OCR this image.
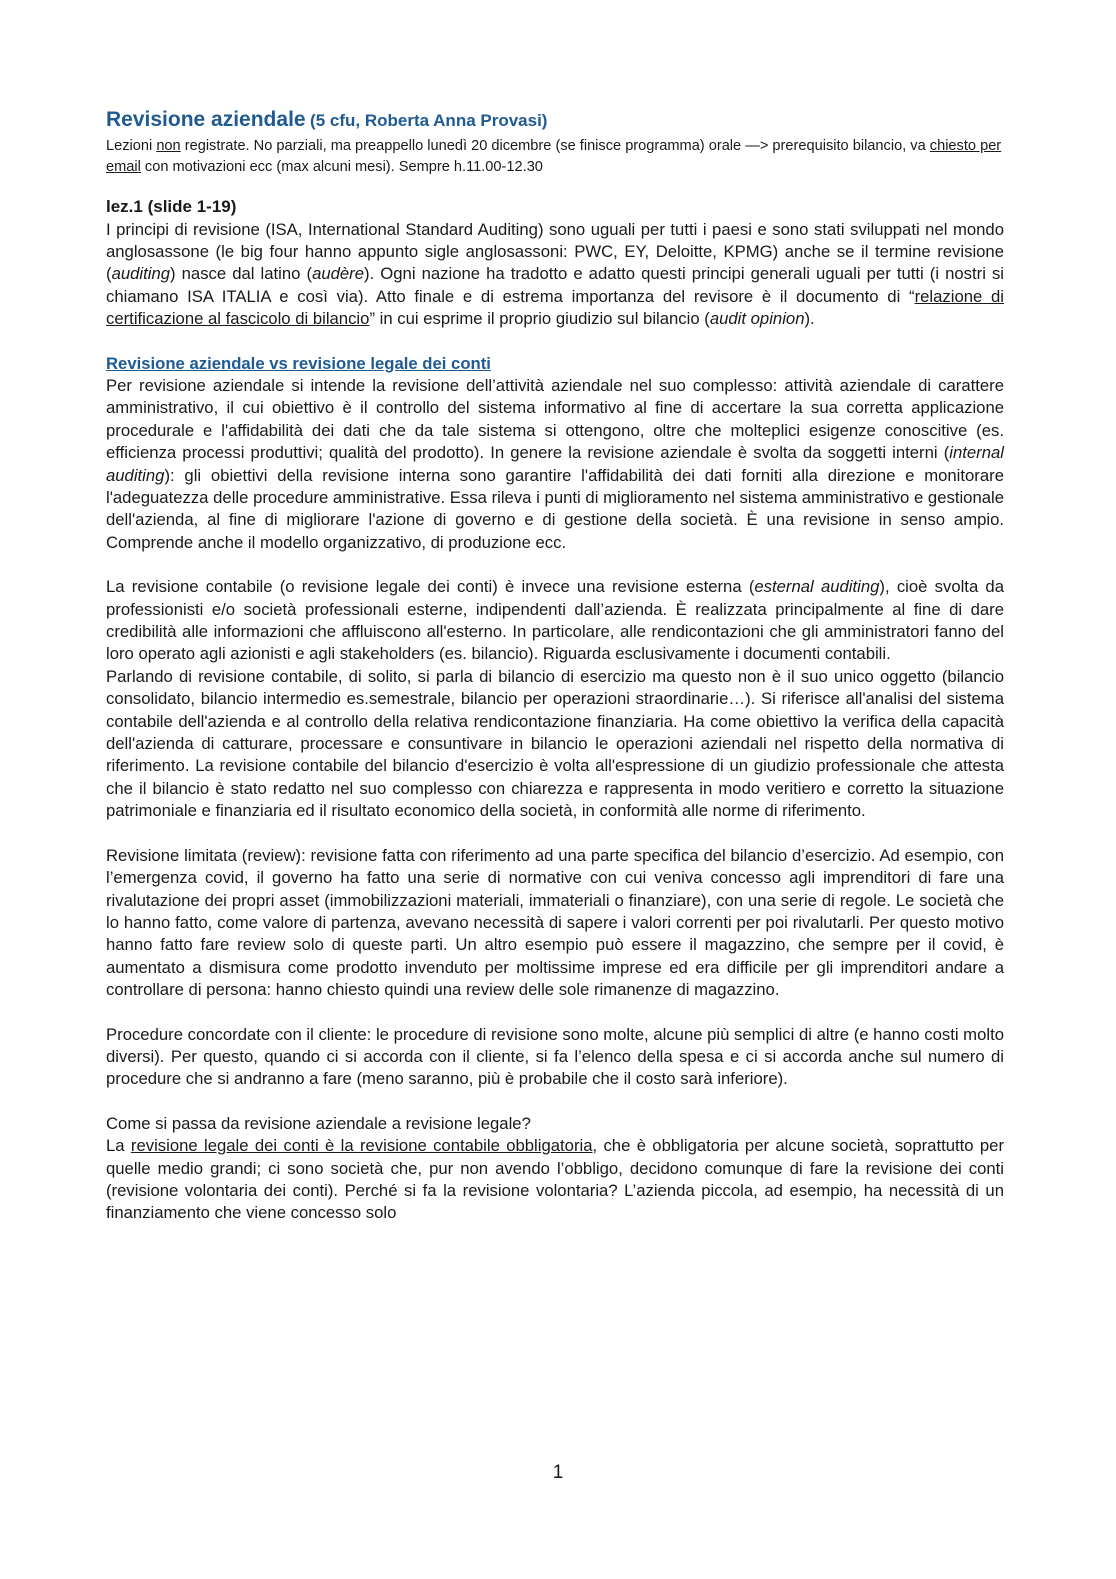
Revisione aziendale (5 cfu, Roberta Anna Provasi)

Lezioni non registrate. No parziali, ma preappello lunedì 20 dicembre (se finisce programma) orale —> prerequisito bilancio, va chiesto per email con motivazioni ecc (max alcuni mesi). Sempre h.11.00-12.30

lez.1 (slide 1-19)

I principi di revisione (ISA, International Standard Auditing) sono uguali per tutti i paesi e sono stati sviluppati nel mondo anglosassone (le big four hanno appunto sigle anglosassoni: PWC, EY, Deloitte, KPMG) anche se il termine revisione (auditing) nasce dal latino (audère). Ogni nazione ha tradotto e adatto questi principi generali uguali per tutti (i nostri si chiamano ISA ITALIA e così via). Atto finale e di estrema importanza del revisore è il documento di “relazione di certificazione al fascicolo di bilancio” in cui esprime il proprio giudizio sul bilancio (audit opinion).

Revisione aziendale vs revisione legale dei conti

Per revisione aziendale si intende la revisione dell’attività aziendale nel suo complesso: attività aziendale di carattere amministrativo, il cui obiettivo è il controllo del sistema informativo al fine di accertare la sua corretta applicazione procedurale e l'affidabilità dei dati che da tale sistema si ottengono, oltre che molteplici esigenze conoscitive (es. efficienza processi produttivi; qualità del prodotto). In genere la revisione aziendale è svolta da soggetti interni (internal auditing): gli obiettivi della revisione interna sono garantire l'affidabilità dei dati forniti alla direzione e monitorare l'adeguatezza delle procedure amministrative. Essa rileva i punti di miglioramento nel sistema amministrativo e gestionale dell'azienda, al fine di migliorare l'azione di governo e di gestione della società. È una revisione in senso ampio. Comprende anche il modello organizzativo, di produzione ecc.

La revisione contabile (o revisione legale dei conti) è invece una revisione esterna (esternal auditing), cioè svolta da professionisti e/o società professionali esterne, indipendenti dall’azienda. È realizzata principalmente al fine di dare credibilità alle informazioni che affluiscono all'esterno. In particolare, alle rendicontazioni che gli amministratori fanno del loro operato agli azionisti e agli stakeholders (es. bilancio). Riguarda esclusivamente i documenti contabili.

Parlando di revisione contabile, di solito, si parla di bilancio di esercizio ma questo non è il suo unico oggetto (bilancio consolidato, bilancio intermedio es.semestrale, bilancio per operazioni straordinarie…). Si riferisce all'analisi del sistema contabile dell'azienda e al controllo della relativa rendicontazione finanziaria. Ha come obiettivo la verifica della capacità dell'azienda di catturare, processare e consuntivare in bilancio le operazioni aziendali nel rispetto della normativa di riferimento. La revisione contabile del bilancio d'esercizio è volta all'espressione di un giudizio professionale che attesta che il bilancio è stato redatto nel suo complesso con chiarezza e rappresenta in modo veritiero e corretto la situazione patrimoniale e finanziaria ed il risultato economico della società, in conformità alle norme di riferimento.

Revisione limitata (review): revisione fatta con riferimento ad una parte specifica del bilancio d’esercizio. Ad esempio, con l’emergenza covid, il governo ha fatto una serie di normative con cui veniva concesso agli imprenditori di fare una rivalutazione dei propri asset (immobilizzazioni materiali, immateriali o finanziare), con una serie di regole. Le società che lo hanno fatto, come valore di partenza, avevano necessità di sapere i valori correnti per poi rivalutarli. Per questo motivo hanno fatto fare review solo di queste parti. Un altro esempio può essere il magazzino, che sempre per il covid, è aumentato a dismisura come prodotto invenduto per moltissime imprese ed era difficile per gli imprenditori andare a controllare di persona: hanno chiesto quindi una review delle sole rimanenze di magazzino.

Procedure concordate con il cliente: le procedure di revisione sono molte, alcune più semplici di altre (e hanno costi molto diversi). Per questo, quando ci si accorda con il cliente, si fa l’elenco della spesa e ci si accorda anche sul numero di procedure che si andranno a fare (meno saranno, più è probabile che il costo sarà inferiore).

Come si passa da revisione aziendale a revisione legale?

La revisione legale dei conti è la revisione contabile obbligatoria, che è obbligatoria per alcune società, soprattutto per quelle medio grandi; ci sono società che, pur non avendo l’obbligo, decidono comunque di fare la revisione dei conti (revisione volontaria dei conti). Perché si fa la revisione volontaria? L’azienda piccola, ad esempio, ha necessità di un finanziamento che viene concesso solo

1
